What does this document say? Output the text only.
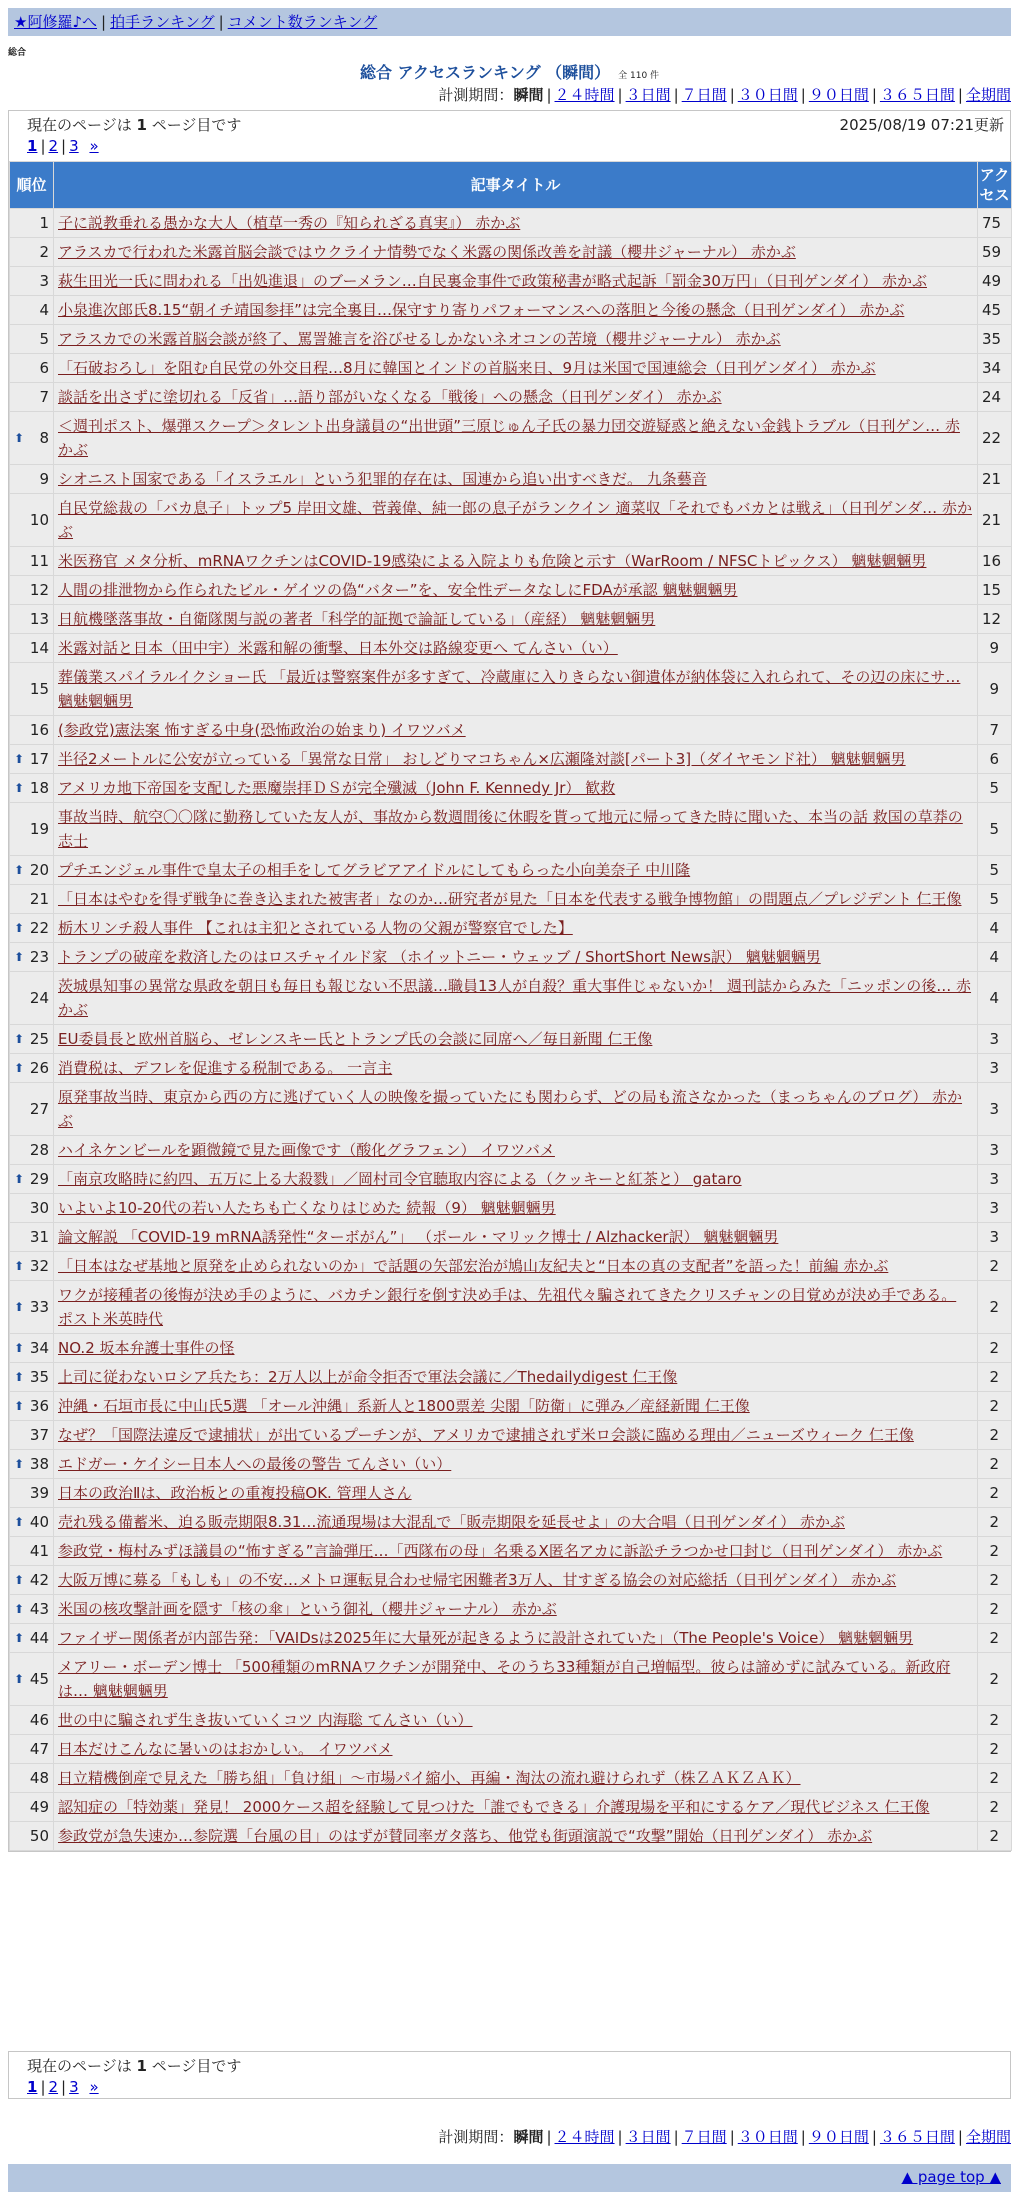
★阿修羅♪へ | 拍手ランキング | コメント数ランキング
総合
総合 アクセスランキング （瞬間） 全 110 件
計測期間：瞬間 | ２４時間 | ３日間 | ７日間 | ３０日間 | ９０日間 | ３６５日間 | 全期間
現在のページは 1 ページ目です	2025/08/19 07:21更新
1 | 2 | 3 »
順位	記事タイトル	アクセス
1	子に説教垂れる愚かな大人（植草一秀の『知られざる真実』） 赤かぶ	75
2	アラスカで行われた米露首脳会談ではウクライナ情勢でなく米露の関係改善を討議（櫻井ジャーナル） 赤かぶ	59
3	萩生田光一氏に問われる「出処進退」のブーメラン…自民裏金事件で政策秘書が略式起訴「罰金30万円」（日刊ゲンダイ） 赤かぶ	49
4	小泉進次郎氏8.15“朝イチ靖国参拝”は完全裏目…保守すり寄りパフォーマンスへの落胆と今後の懸念（日刊ゲンダイ） 赤かぶ	45
5	アラスカでの米露首脳会談が終了、罵詈雑言を浴びせるしかないネオコンの苦境（櫻井ジャーナル） 赤かぶ	35
6	「石破おろし」を阻む自民党の外交日程…8月に韓国とインドの首脳来日、9月は米国で国連総会（日刊ゲンダイ） 赤かぶ	34
7	談話を出さずに塗切れる「反省」…語り部がいなくなる「戦後」への懸念（日刊ゲンダイ） 赤かぶ	24

⬆ 8	＜週刊ポスト、爆弾スクープ＞タレント出身議員の“出世頭”三原じゅん子氏の暴力団交遊疑惑と絶えない金銭トラブル（日刊ゲン… 赤かぶ	22
9	シオニスト国家である「イスラエル」という犯罪的存在は、国連から追い出すべきだ。 九条藝音	21
10	自民党総裁の「バカ息子」トップ5 岸田文雄、菅義偉、純一郎の息子がランクイン 適菜収「それでもバカとは戦え」（日刊ゲンダ… 赤かぶ	21
11	米医務官 メタ分析、mRNAワクチンはCOVID-19感染による入院よりも危険と示す（WarRoom / NFSCトピックス） 魑魅魍魎男	16
12	人間の排泄物から作られたビル・ゲイツの偽“バター”を、安全性データなしにFDAが承認 魑魅魍魎男	15
13	日航機墜落事故・自衛隊関与説の著者「科学的証拠で論証している」（産経） 魑魅魍魎男	12
14	米露対話と日本（田中宇）米露和解の衝撃、日本外交は路線変更へ てんさい（い）	9
15	葬儀業スパイラルイクショー氏 「最近は警察案件が多すぎて、冷蔵庫に入りきらない御遺体が納体袋に入れられて、その辺の床にサ… 魑魅魍魎男	9
16	(参政党)憲法案 怖すぎる中身(恐怖政治の始まり) イワツバメ	7

⬆ 17	半径2メートルに公安が立っている「異常な日常」 おしどりマコちゃん×広瀬隆対談[パート3]（ダイヤモンド社） 魑魅魍魎男	6

⬆ 18	アメリカ地下帝国を支配した悪魔崇拝ＤＳが完全殲滅（John F. Kennedy Jr） 歓救	5
19	事故当時、航空〇〇隊に勤務していた友人が、事故から数週間後に休暇を貰って地元に帰ってきた時に聞いた、本当の話 救国の草莽の志士	5

⬆ 20	プチエンジェル事件で皇太子の相手をしてグラビアアイドルにしてもらった小向美奈子 中川隆	5
21	「日本はやむを得ず戦争に巻き込まれた被害者」なのか…研究者が見た「日本を代表する戦争博物館」の問題点／プレジデント 仁王像	5

⬆ 22	栃木リンチ殺人事件 【これは主犯とされている人物の父親が警察官でした】	4

⬆ 23	トランプの破産を救済したのはロスチャイルド家 （ホイットニー・ウェッブ / ShortShort News訳） 魑魅魍魎男	4
24	茨城県知事の異常な県政を朝日も毎日も報じない不思議…職員13人が自殺？重大事件じゃないか！ 週刊誌からみた「ニッポンの後… 赤かぶ	4

⬆ 25	EU委員長と欧州首脳ら、ゼレンスキー氏とトランプ氏の会談に同席へ／毎日新聞 仁王像	3

⬆ 26	消費税は、デフレを促進する税制である。 一言主	3
27	原発事故当時、東京から西の方に逃げていく人の映像を撮っていたにも関わらず、どの局も流さなかった（まっちゃんのブログ） 赤かぶ	3
28	ハイネケンビールを顕微鏡で見た画像です（酸化グラフェン） イワツバメ	3

⬆ 29	「南京攻略時に約四、五万に上る大殺戮」／岡村司令官聴取内容による（クッキーと紅茶と） gataro	3
30	いよいよ10-20代の若い人たちも亡くなりはじめた 続報（9） 魑魅魍魎男	3
31	論文解説 「COVID-19 mRNA誘発性“ターボがん”」 （ポール・マリック博士 / Alzhacker訳） 魑魅魍魎男	3

⬆ 32	「日本はなぜ基地と原発を止められないのか」で話題の矢部宏治が鳩山友紀夫と“日本の真の支配者”を語った！前編 赤かぶ	2

⬆ 33	ワクが接種者の後悔が決め手のように、バカチン銀行を倒す決め手は、先祖代々騙されてきたクリスチャンの目覚めが決め手である。 ポスト米英時代	2

⬆ 34	NO.2 坂本弁護士事件の怪	2

⬆ 35	上司に従わないロシア兵たち：2万人以上が命令拒否で軍法会議に／Thedailydigest 仁王像	2

⬆ 36	沖縄・石垣市長に中山氏5選 「オール沖縄」系新人と1800票差 尖閣「防衛」に弾み／産経新聞 仁王像	2
37	なぜ？「国際法違反で逮捕状」が出ているプーチンが、アメリカで逮捕されず米ロ会談に臨める理由／ニューズウィーク 仁王像	2

⬆ 38	エドガー・ケイシー日本人への最後の警告 てんさい（い）	2
39	日本の政治Ⅱは、政治板との重複投稿OK. 管理人さん	2

⬆ 40	売れ残る備蓄米、迫る販売期限8.31…流通現場は大混乱で「販売期限を延長せよ」の大合唱（日刊ゲンダイ） 赤かぶ	2
41	参政党・梅村みずほ議員の“怖すぎる”言論弾圧…「西隊布の母」名乗るX匿名アカに訴訟チラつかせ口封じ（日刊ゲンダイ） 赤かぶ	2

⬆ 42	大阪万博に募る「もしも」の不安…メトロ運転見合わせ帰宅困難者3万人、甘すぎる協会の対応総括（日刊ゲンダイ） 赤かぶ	2

⬆ 43	米国の核攻撃計画を隠す「核の傘」という御礼（櫻井ジャーナル） 赤かぶ	2

⬆ 44	ファイザー関係者が内部告発：「VAIDsは2025年に大量死が起きるように設計されていた」（The People's Voice） 魑魅魍魎男	2

⬆ 45	メアリー・ボーデン博士 「500種類のmRNAワクチンが開発中、そのうち33種類が自己増幅型。彼らは諦めずに試みている。新政府は… 魑魅魍魎男	2
46	世の中に騙されず生き抜いていくコツ 内海聡 てんさい（い）	2
47	日本だけこんなに暑いのはおかしい。 イワツバメ	2
48	日立精機倒産で見えた「勝ち組」「負け組」～市場パイ縮小、再編・淘汰の流れ避けられず（株ＺＡＫＺＡＫ）	2
49	認知症の「特効薬」発見！ 2000ケース超を経験して見つけた「誰でもできる」介護現場を平和にするケア／現代ビジネス 仁王像	2
50	参政党が急失速か…参院選「台風の目」のはずが賛同率ガタ落ち、他党も街頭演説で“攻撃”開始（日刊ゲンダイ） 赤かぶ	2
現在のページは 1 ページ目です
1 | 2 | 3 »
計測期間：瞬間 | ２４時間 | ３日間 | ７日間 | ３０日間 | ９０日間 | ３６５日間 | 全期間
▲ page top ▲
